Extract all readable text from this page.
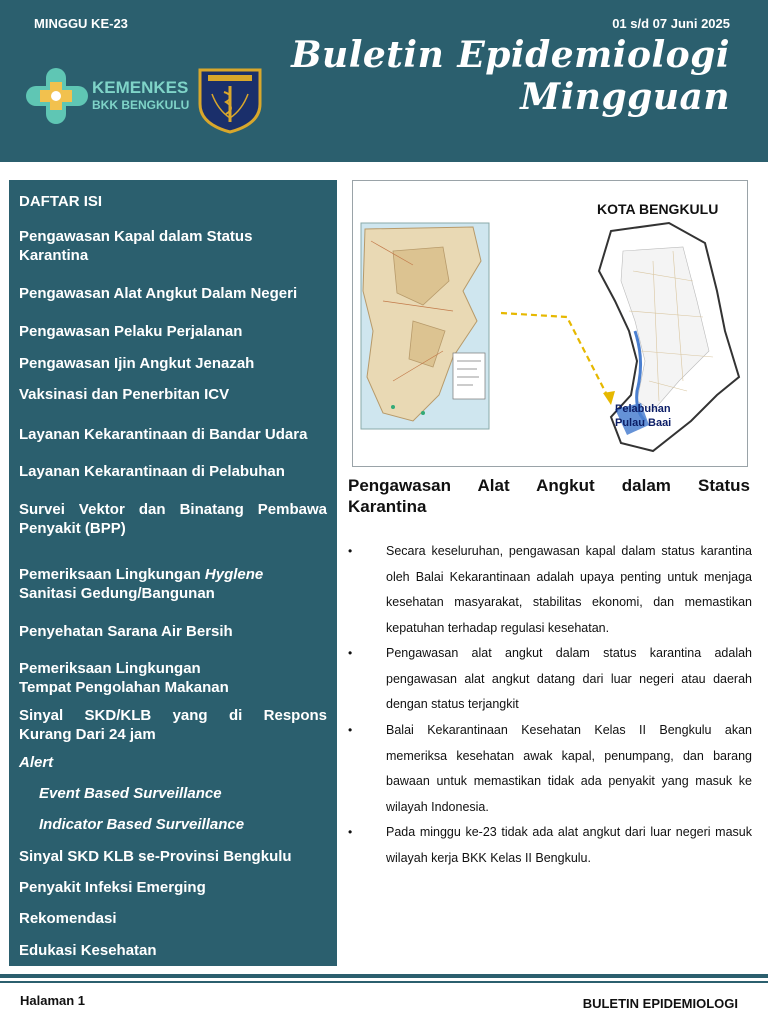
MINGGU KE-23	01 s/d 07 Juni 2025
Buletin Epidemiologi
Mingguan
KEMENKES
BKK BENGKULU
DAFTAR ISI
Pengawasan Kapal dalam Status
Karantina
Pengawasan Alat Angkut Dalam Negeri
Pengawasan Pelaku Perjalanan
Pengawasan Ijin Angkut Jenazah
Vaksinasi dan Penerbitan ICV
Layanan Kekarantinaan di Bandar Udara
Layanan Kekarantinaan di Pelabuhan
Survei Vektor dan Binatang Pembawa
Penyakit (BPP)
Pemeriksaan Lingkungan Hyglene
Sanitasi Gedung/Bangunan
Penyehatan Sarana Air Bersih
Pemeriksaan Lingkungan
Tempat Pengolahan Makanan
Sinyal SKD/KLB yang di Respons
Kurang Dari 24 jam
Alert
Event Based Surveillance
Indicator Based Surveillance
Sinyal SKD KLB se-Provinsi Bengkulu
Penyakit Infeksi Emerging
Rekomendasi
Edukasi Kesehatan
KOTA BENGKULU
Pelabuhan
Pulau Baai
Pengawasan Alat Angkut dalam Status
Karantina
•	Secara keseluruhan, pengawasan kapal dalam status karantina oleh Balai Kekarantinaan adalah upaya penting untuk menjaga kesehatan masyarakat, stabilitas ekonomi, dan memastikan kepatuhan terhadap regulasi kesehatan.
•	Pengawasan alat angkut dalam status karantina adalah pengawasan alat angkut datang dari luar negeri atau daerah dengan status terjangkit
•	Balai Kekarantinaan Kesehatan Kelas II Bengkulu akan memeriksa kesehatan awak kapal, penumpang, dan barang bawaan untuk memastikan tidak ada penyakit yang masuk ke wilayah Indonesia.
•	Pada minggu ke-23 tidak ada alat angkut dari luar negeri masuk wilayah kerja BKK Kelas II Bengkulu.
Halaman 1	BULETIN EPIDEMIOLOGI
